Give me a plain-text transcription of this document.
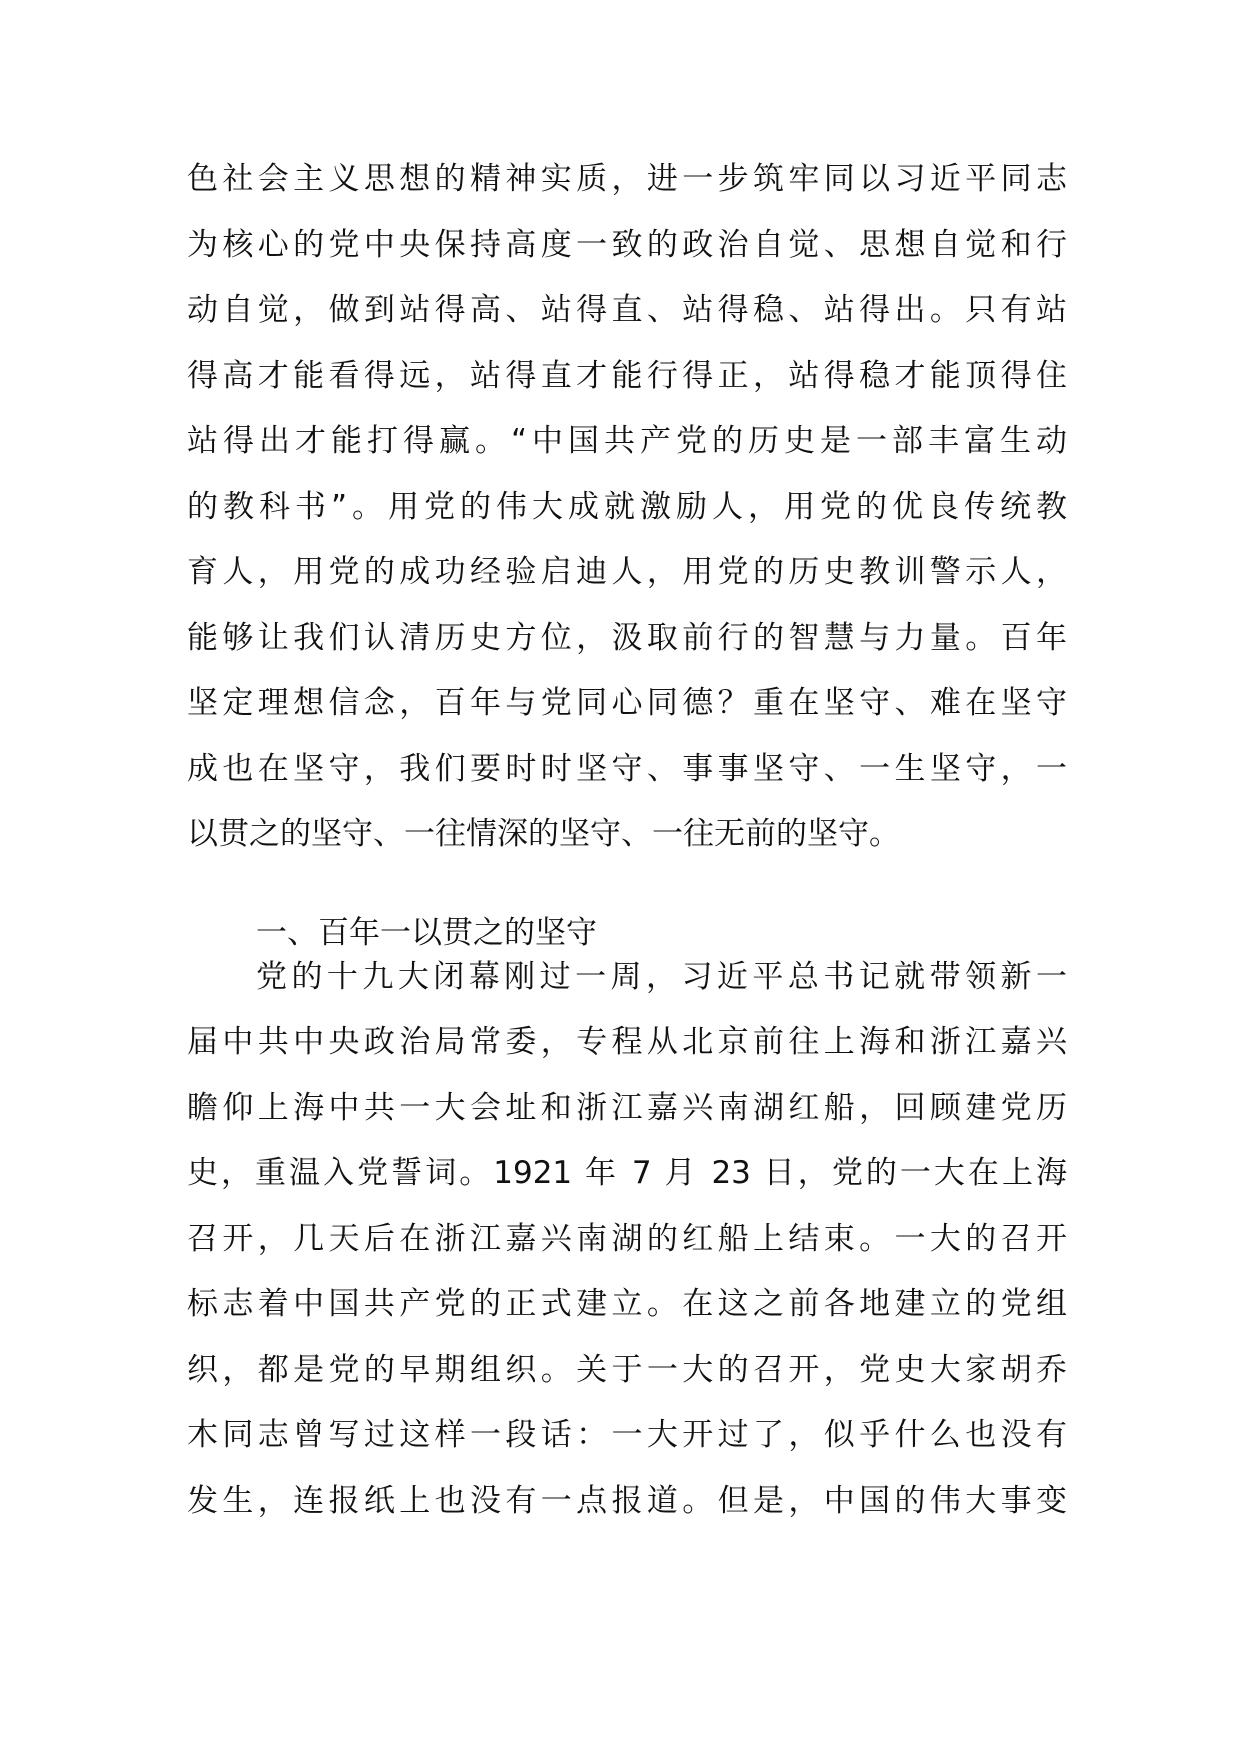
色社会主义思想的精神实质，进一步筑牢同以习近平同志
为核心的党中央保持高度一致的政治自觉、思想自觉和行
动自觉，做到站得高、站得直、站得稳、站得出。只有站
得高才能看得远，站得直才能行得正，站得稳才能顶得住
站得出才能打得赢。“中国共产党的历史是一部丰富生动
的教科书”。用党的伟大成就激励人，用党的优良传统教
育人，用党的成功经验启迪人，用党的历史教训警示人，
能够让我们认清历史方位，汲取前行的智慧与力量。百年
坚定理想信念，百年与党同心同德？重在坚守、难在坚守
成也在坚守，我们要时时坚守、事事坚守、一生坚守，一
以贯之的坚守、一往情深的坚守、一往无前的坚守。
一、百年一以贯之的坚守
党的十九大闭幕刚过一周，习近平总书记就带领新一
届中共中央政治局常委，专程从北京前往上海和浙江嘉兴
瞻仰上海中共一大会址和浙江嘉兴南湖红船，回顾建党历
史，重温入党誓词。1921 年 7 月 23 日，党的一大在上海
召开，几天后在浙江嘉兴南湖的红船上结束。一大的召开
标志着中国共产党的正式建立。在这之前各地建立的党组
织，都是党的早期组织。关于一大的召开，党史大家胡乔
木同志曾写过这样一段话：一大开过了，似乎什么也没有
发生，连报纸上也没有一点报道。但是，中国的伟大事变
